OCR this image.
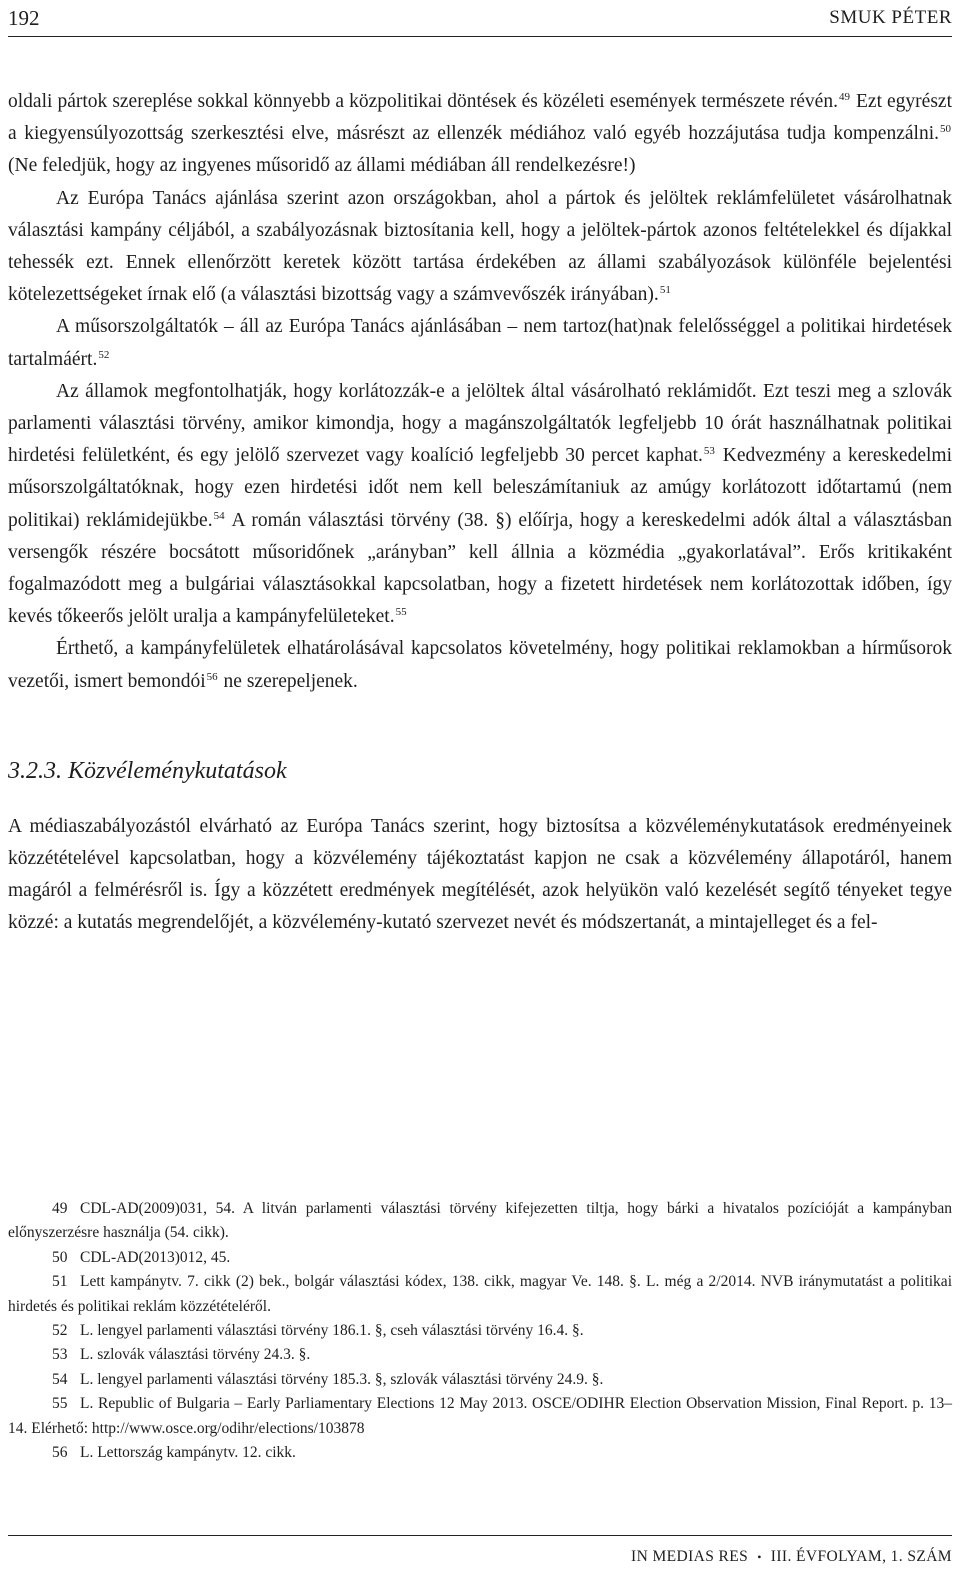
192	SMUK PÉTER

oldali pártok szereplése sokkal könnyebb a közpolitikai döntések és közéleti események természete révén.$^{49}$ Ezt egyrészt a kiegyensúlyozottság szerkesztési elve, másrészt az ellenzék médiához való egyéb hozzájutása tudja kompenzálni.$^{50}$ (Ne feledjük, hogy az ingyenes műsoridő az állami médiában áll rendelkezésre!)

Az Európa Tanács ajánlása szerint azon országokban, ahol a pártok és jelöltek reklámfelületet vásárolhatnak választási kampány céljából, a szabályozásnak biztosítania kell, hogy a jelöltek-pártok azonos feltételekkel és díjakkal tehessék ezt. Ennek ellenőrzött keretek között tartása érdekében az állami szabályozások különféle bejelentési kötelezettségeket írnak elő (a választási bizottság vagy a számvevőszék irányában).$^{51}$

A műsorszolgáltatók – áll az Európa Tanács ajánlásában – nem tartoz(hat)nak felelősséggel a politikai hirdetések tartalmáért.$^{52}$

Az államok megfontolhatják, hogy korlátozzák-e a jelöltek által vásárolható reklámidőt. Ezt teszi meg a szlovák parlamenti választási törvény, amikor kimondja, hogy a magánszolgáltatók legfeljebb 10 órát használhatnak politikai hirdetési felületként, és egy jelölő szervezet vagy koalíció legfeljebb 30 percet kaphat.$^{53}$ Kedvezmény a kereskedelmi műsorszolgáltatóknak, hogy ezen hirdetési időt nem kell beleszámítaniuk az amúgy korlátozott időtartamú (nem politikai) reklámidejükbe.$^{54}$ A román választási törvény (38. §) előírja, hogy a kereskedelmi adók által a választásban versengők részére bocsátott műsoridőnek „arányban” kell állnia a közmédia „gyakorlatával”. Erős kritikaként fogalmazódott meg a bulgáriai választásokkal kapcsolatban, hogy a fizetett hirdetések nem korlátozottak időben, így kevés tőkeerős jelölt uralja a kampányfelületeket.$^{55}$

Érthető, a kampányfelületek elhatárolásával kapcsolatos követelmény, hogy politikai reklamokban a hírműsorok vezetői, ismert bemondói$^{56}$ ne szerepeljenek.

3.2.3. Közvéleménykutatások

A médiaszabályozástól elvárható az Európa Tanács szerint, hogy biztosítsa a közvéleménykutatások eredményeinek közzétételével kapcsolatban, hogy a közvélemény tájékoztatást kapjon ne csak a közvélemény állapotáról, hanem magáról a felmérésről is. Így a közzétett eredmények megítélését, azok helyükön való kezelését segítő tényeket tegye közzé: a kutatás megrendelőjét, a közvélemény-kutató szervezet nevét és módszertanát, a mintajelleget és a fel-

49 CDL-AD(2009)031, 54. A litván parlamenti választási törvény kifejezetten tiltja, hogy bárki a hivatalos pozícióját a kampányban előnyszerzésre használja (54. cikk).

50 CDL-AD(2013)012, 45.

51 Lett kampánytv. 7. cikk (2) bek., bolgár választási kódex, 138. cikk, magyar Ve. 148. §. L. még a 2/2014. NVB iránymutatást a politikai hirdetés és politikai reklám közzétételéről.

52 L. lengyel parlamenti választási törvény 186.1. §, cseh választási törvény 16.4. §.

53 L. szlovák választási törvény 24.3. §.

54 L. lengyel parlamenti választási törvény 185.3. §, szlovák választási törvény 24.9. §.

55 L. Republic of Bulgaria – Early Parliamentary Elections 12 May 2013. OSCE/ODIHR Election Observation Mission, Final Report. p. 13–14. Elérhető: http://www.osce.org/odihr/elections/103878

56 L. Lettország kampánytv. 12. cikk.

IN MEDIAS RES • III. ÉVFOLYAM, 1. SZÁM
